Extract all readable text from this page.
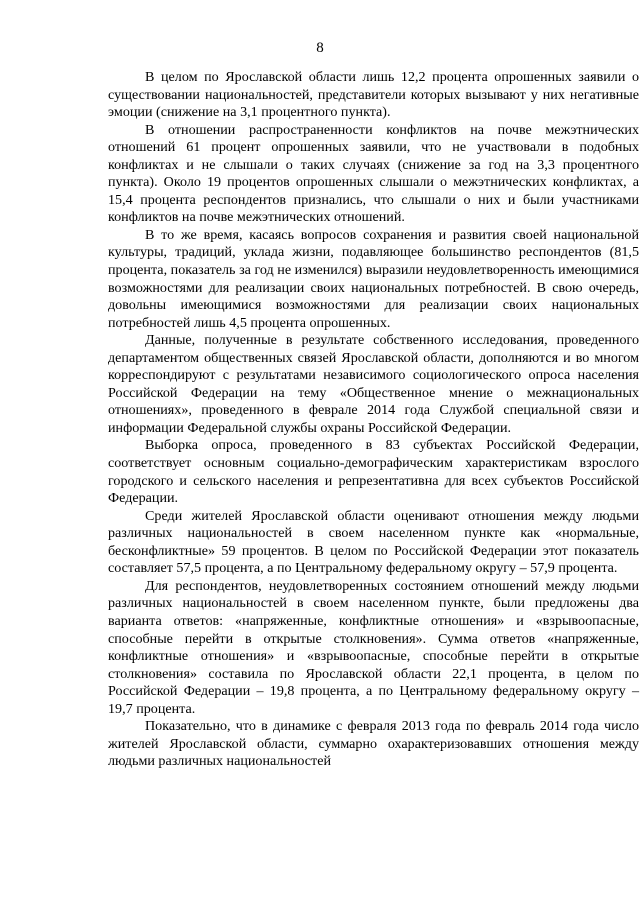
8

В целом по Ярославской области лишь 12,2 процента опрошенных заявили о существовании национальностей, представители которых вызывают у них негативные эмоции (снижение на 3,1 процентного пункта).

В отношении распространенности конфликтов на почве межэтнических отношений 61 процент опрошенных заявили, что не участвовали в подобных конфликтах и не слышали о таких случаях (снижение за год на 3,3 процентного пункта). Около 19 процентов опрошенных слышали о межэтнических конфликтах, а 15,4 процента респондентов признались, что слышали о них и были участниками конфликтов на почве межэтнических отношений.

В то же время, касаясь вопросов сохранения и развития своей национальной культуры, традиций, уклада жизни, подавляющее большинство респондентов (81,5 процента, показатель за год не изменился) выразили неудовлетворенность имеющимися возможностями для реализации своих национальных потребностей. В свою очередь, довольны имеющимися возможностями для реализации своих национальных потребностей лишь 4,5 процента опрошенных.

Данные, полученные в результате собственного исследования, проведенного департаментом общественных связей Ярославской области, дополняются и во многом корреспондируют с результатами независимого социологического опроса населения Российской Федерации на тему «Общественное мнение о межнациональных отношениях», проведенного в феврале 2014 года Службой специальной связи и информации Федеральной службы охраны Российской Федерации.

Выборка опроса, проведенного в 83 субъектах Российской Федерации, соответствует основным социально-демографическим характеристикам взрослого городского и сельского населения и репрезентативна для всех субъектов Российской Федерации.

Среди жителей Ярославской области оценивают отношения между людьми различных национальностей в своем населенном пункте как «нормальные, бесконфликтные» 59 процентов. В целом по Российской Федерации этот показатель составляет 57,5 процента, а по Центральному федеральному округу – 57,9 процента.

Для респондентов, неудовлетворенных состоянием отношений между людьми различных национальностей в своем населенном пункте, были предложены два варианта ответов: «напряженные, конфликтные отношения» и «взрывоопасные, способные перейти в открытые столкновения». Сумма ответов «напряженные, конфликтные отношения» и «взрывоопасные, способные перейти в открытые столкновения» составила по Ярославской области 22,1 процента, в целом по Российской Федерации – 19,8 процента, а по Центральному федеральному округу – 19,7 процента.

Показательно, что в динамике с февраля 2013 года по февраль 2014 года число жителей Ярославской области, суммарно охарактеризовавших отношения между людьми различных национальностей
